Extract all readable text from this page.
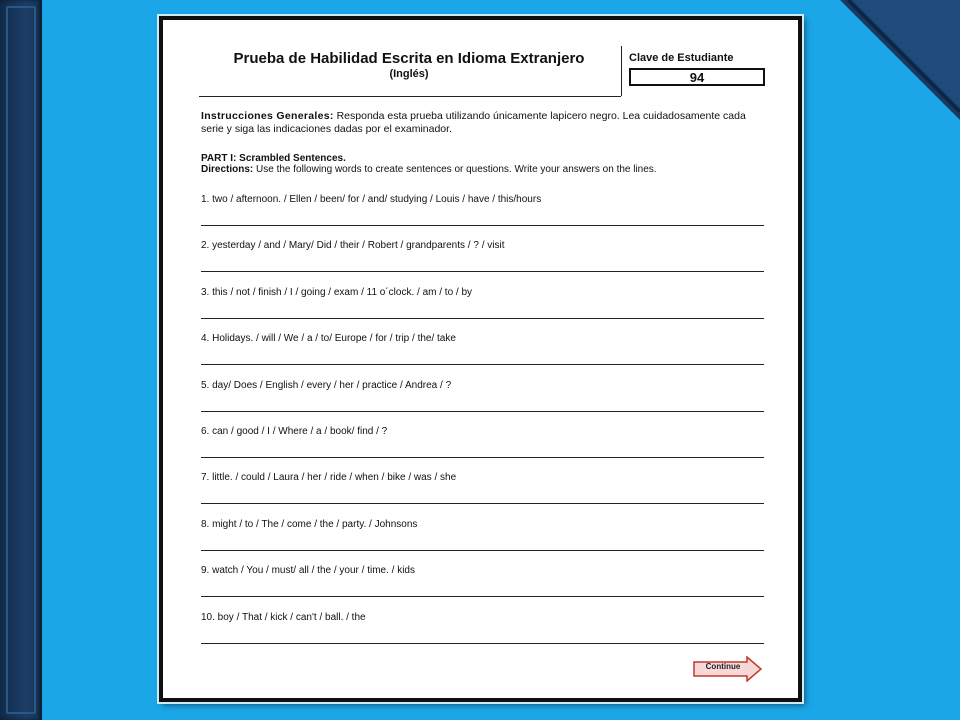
Prueba de Habilidad Escrita en Idioma Extranjero
(Inglés)
Clave de Estudiante
94
Instrucciones Generales: Responda esta prueba utilizando únicamente lapicero negro. Lea cuidadosamente cada serie y siga las indicaciones dadas por el examinador.
PART I: Scrambled Sentences.
Directions: Use the following words to create sentences or questions. Write your answers on the lines.
1. two / afternoon. / Ellen / been/ for / and/ studying / Louis / have / this/hours
2. yesterday / and / Mary/ Did / their / Robert / grandparents / ? / visit
3. this / not / finish / I / going / exam / 11 o´clock. / am / to / by
4. Holidays. / will / We / a / to/ Europe / for / trip / the/ take
5. day/ Does / English / every / her / practice / Andrea / ?
6. can / good / I / Where / a / book/ find / ?
7. little. / could / Laura / her / ride / when / bike / was / she
8. might / to / The / come / the / party. / Johnsons
9. watch / You / must/ all / the / your / time. / kids
10. boy / That / kick / can't / ball. / the
Continue
